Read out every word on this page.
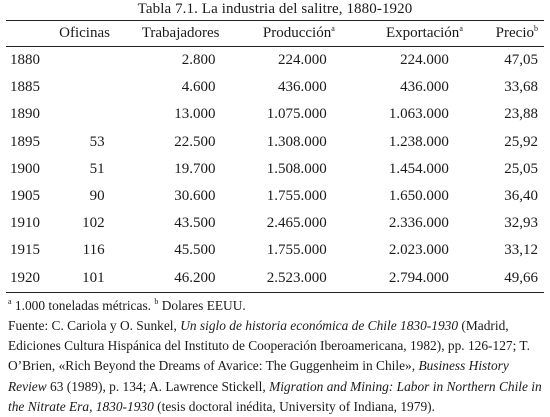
Tabla 7.1. La industria del salitre, 1880-1920
	Oficinas	Trabajadores	Producción$^a$	Exportación$^a$	Precio$^b$
1880		2.800	224.000	224.000	47,05
1885		4.600	436.000	436.000	33,68
1890		13.000	1.075.000	1.063.000	23,88
1895	53	22.500	1.308.000	1.238.000	25,92
1900	51	19.700	1.508.000	1.454.000	25,05
1905	90	30.600	1.755.000	1.650.000	36,40
1910	102	43.500	2.465.000	2.336.000	32,93
1915	116	45.500	1.755.000	2.023.000	33,12
1920	101	46.200	2.523.000	2.794.000	49,66

$^a$ 1.000 toneladas métricas. $^b$ Dolares EEUU.

Fuente: C. Cariola y O. Sunkel, Un siglo de historia económica de Chile 1830-1930 (Madrid, Ediciones Cultura Hispánica del Instituto de Cooperación Iberoamericana, 1982), pp. 126-127; T. O’Brien, «Rich Beyond the Dreams of Avarice: The Guggenheim in Chile», Business History Review 63 (1989), p. 134; A. Lawrence Stickell, Migration and Mining: Labor in Northern Chile in the Nitrate Era, 1830-1930 (tesis doctoral inédita, University of Indiana, 1979).
